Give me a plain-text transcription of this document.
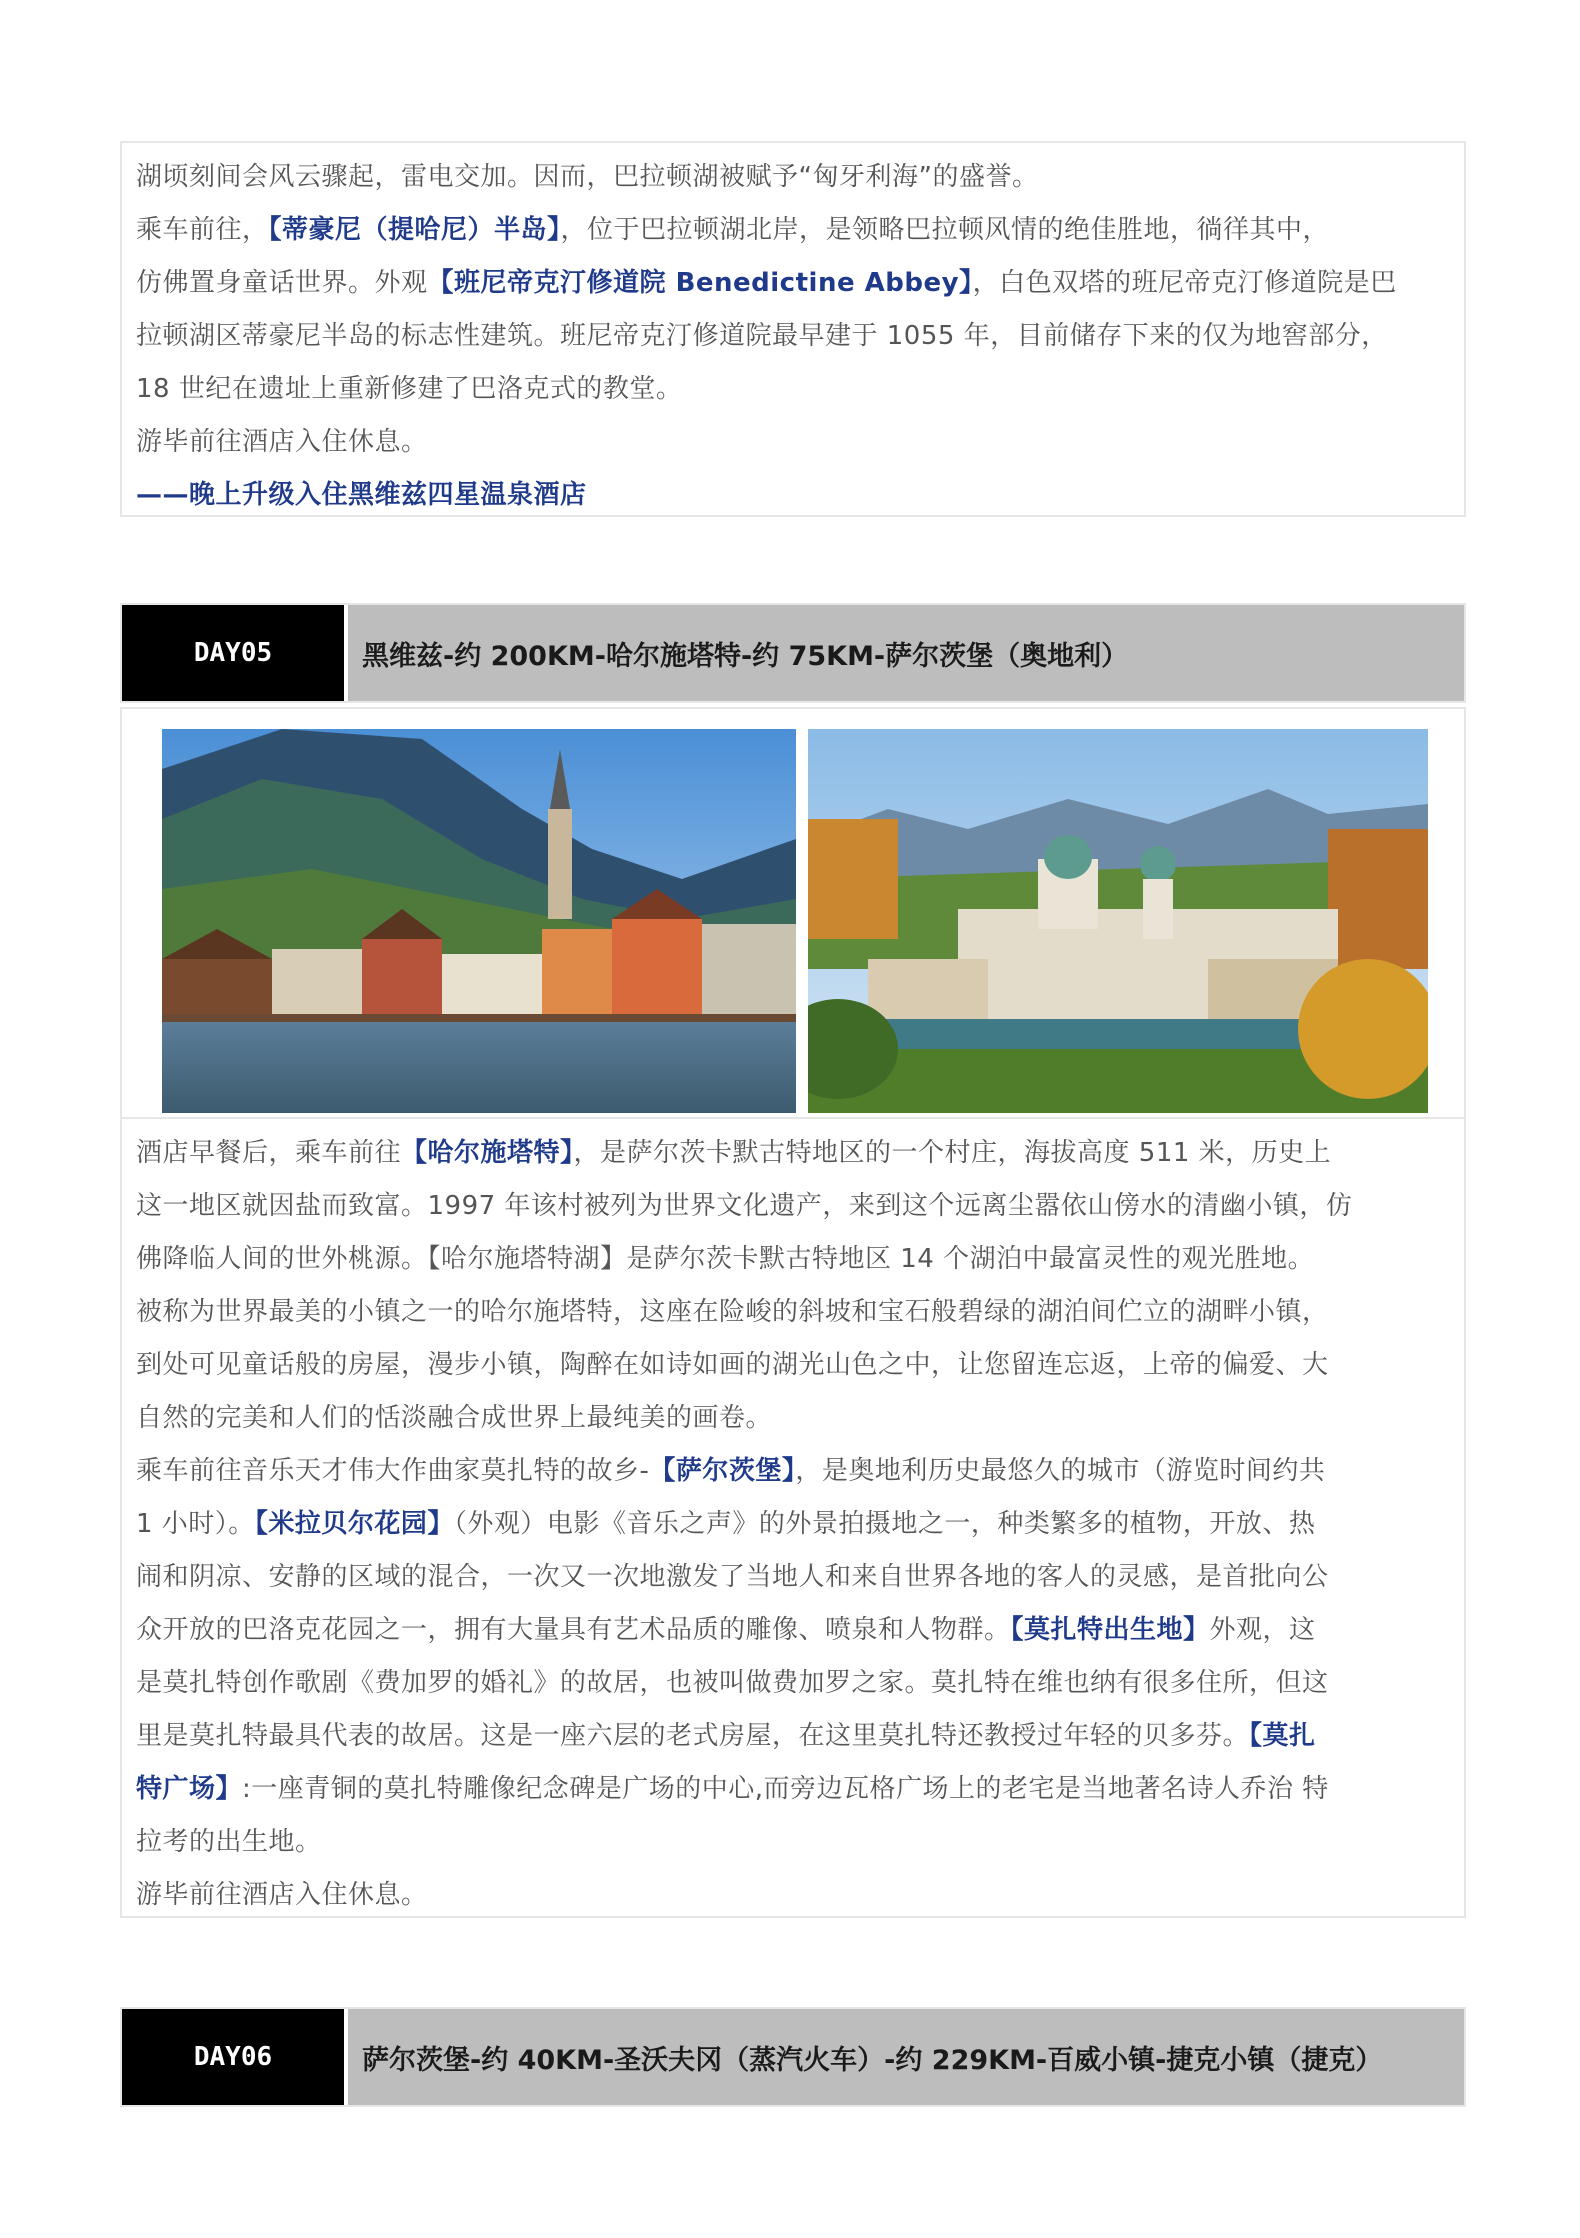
湖顷刻间会风云骤起，雷电交加。因而，巴拉顿湖被赋予“匈牙利海”的盛誉。

乘车前往，【蒂豪尼（提哈尼）半岛】，位于巴拉顿湖北岸，是领略巴拉顿风情的绝佳胜地，徜徉其中，

仿佛置身童话世界。外观【班尼帝克汀修道院 Benedictine Abbey】，白色双塔的班尼帝克汀修道院是巴

拉顿湖区蒂豪尼半岛的标志性建筑。班尼帝克汀修道院最早建于 1055 年，目前储存下来的仅为地窖部分，

18 世纪在遗址上重新修建了巴洛克式的教堂。

游毕前往酒店入住休息。

——晚上升级入住黑维兹四星温泉酒店

DAY05	黑维兹-约 200KM-哈尔施塔特-约 75KM-萨尔茨堡（奥地利）

酒店早餐后，乘车前往【哈尔施塔特】，是萨尔茨卡默古特地区的一个村庄，海拔高度 511 米，历史上

这一地区就因盐而致富。1997 年该村被列为世界文化遗产，来到这个远离尘嚣依山傍水的清幽小镇，仿

佛降临人间的世外桃源。【哈尔施塔特湖】是萨尔茨卡默古特地区 14 个湖泊中最富灵性的观光胜地。

被称为世界最美的小镇之一的哈尔施塔特，这座在险峻的斜坡和宝石般碧绿的湖泊间伫立的湖畔小镇，

到处可见童话般的房屋，漫步小镇，陶醉在如诗如画的湖光山色之中，让您留连忘返，上帝的偏爱、大

自然的完美和人们的恬淡融合成世界上最纯美的画卷。

乘车前往音乐天才伟大作曲家莫扎特的故乡-【萨尔茨堡】，是奥地利历史最悠久的城市（游览时间约共

1 小时）。【米拉贝尔花园】（外观）电影《音乐之声》的外景拍摄地之一，种类繁多的植物，开放、热

闹和阴凉、安静的区域的混合，一次又一次地激发了当地人和来自世界各地的客人的灵感，是首批向公

众开放的巴洛克花园之一，拥有大量具有艺术品质的雕像、喷泉和人物群。【莫扎特出生地】外观，这

是莫扎特创作歌剧《费加罗的婚礼》的故居，也被叫做费加罗之家。莫扎特在维也纳有很多住所，但这

里是莫扎特最具代表的故居。这是一座六层的老式房屋，在这里莫扎特还教授过年轻的贝多芬。【莫扎

特广场】:一座青铜的莫扎特雕像纪念碑是广场的中心,而旁边瓦格广场上的老宅是当地著名诗人乔治 特

拉考的出生地。

游毕前往酒店入住休息。

DAY06	萨尔茨堡-约 40KM-圣沃夫冈（蒸汽火车）-约 229KM-百威小镇-捷克小镇（捷克）
